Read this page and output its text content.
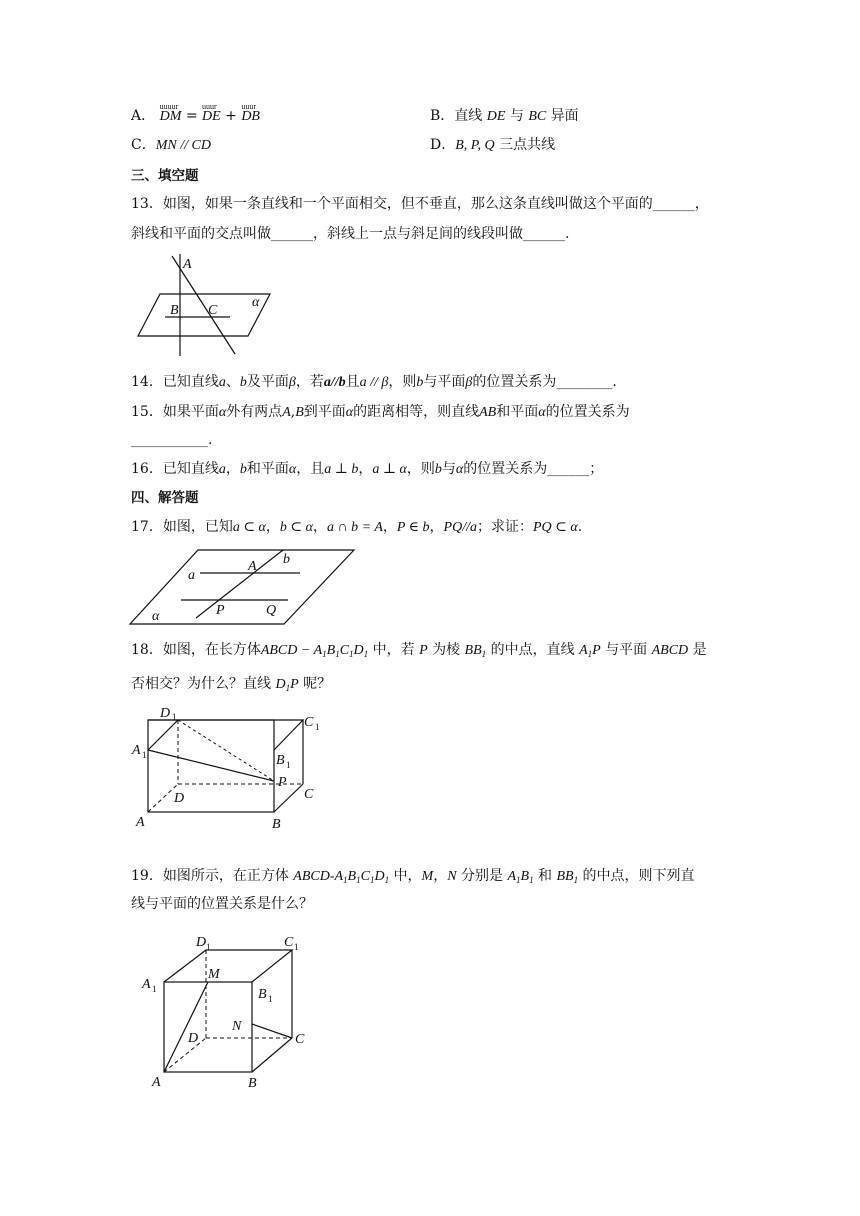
A．
uuuur
DM =
uuur
DE +
uuur
DB	B．直线 DE 与 BC 异面
C．MN // CD	D．B, P, Q 三点共线
三、填空题
13．如图，如果一条直线和一个平面相交，但不垂直，那么这条直线叫做这个平面的______，
斜线和平面的交点叫做______，斜线上一点与斜足间的线段叫做______.
A
B C
α
14．已知直线a、b及平面β，若a//b且a // β，则b与平面β的位置关系为________.
15．如果平面α外有两点A,B到平面α的距离相等，则直线AB和平面α的位置关系为
___________.
16．已知直线a，b和平面α，且a ⊥ b，a ⊥ α，则b与α的位置关系为______；
四、解答题
17．如图，已知a ⊂ α，b ⊂ α，a ∩ b = A，P ∈ b，PQ//a；求证：PQ ⊂ α.
a
A b
P	Q
α
18．如图，在长方体ABCD − $A_1B_1C_1D_1$ 中，若 P 为棱 $BB_1$ 的中点，直线 $A_1P$ 与平面 ABCD 是
否相交？为什么？直线 $D_1P$ 呢？
D
C
A
B
P
D	C
A	B
1
1
1
1
19．如图所示，在正方体 ABCD-$A_1B_1C_1D_1$ 中，M，N 分别是 $A_1B_1$ 和 $BB_1$ 的中点，则下列直
线与平面的位置关系是什么？
D	C
A
B
M
N
D	C
A	B
1	1
1
1
